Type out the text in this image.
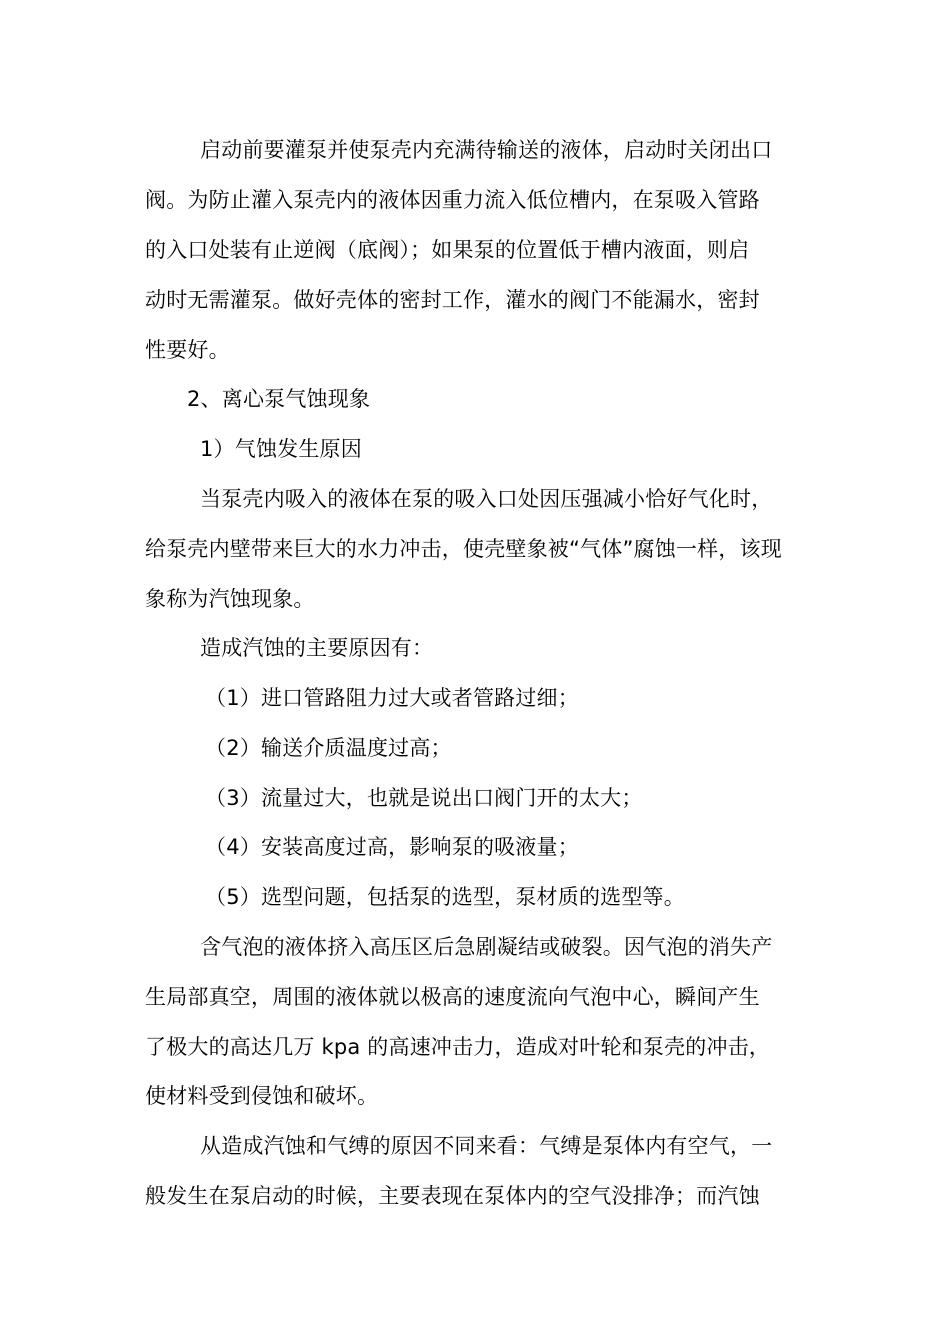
启动前要灌泵并使泵壳内充满待输送的液体，启动时关闭出口
阀。为防止灌入泵壳内的液体因重力流入低位槽内，在泵吸入管路
的入口处装有止逆阀（底阀）；如果泵的位置低于槽内液面，则启
动时无需灌泵。做好壳体的密封工作，灌水的阀门不能漏水，密封
性要好。
2、离心泵气蚀现象
1）气蚀发生原因
当泵壳内吸入的液体在泵的吸入口处因压强减小恰好气化时，
给泵壳内壁带来巨大的水力冲击，使壳壁象被“气体”腐蚀一样，该现
象称为汽蚀现象。
造成汽蚀的主要原因有：
（1）进口管路阻力过大或者管路过细；
（2）输送介质温度过高；
（3）流量过大，也就是说出口阀门开的太大；
（4）安装高度过高，影响泵的吸液量；
（5）选型问题，包括泵的选型，泵材质的选型等。
含气泡的液体挤入高压区后急剧凝结或破裂。因气泡的消失产
生局部真空，周围的液体就以极高的速度流向气泡中心，瞬间产生
了极大的高达几万 kpa 的高速冲击力，造成对叶轮和泵壳的冲击，
使材料受到侵蚀和破坏。
从造成汽蚀和气缚的原因不同来看：气缚是泵体内有空气，一
般发生在泵启动的时候，主要表现在泵体内的空气没排净；而汽蚀
